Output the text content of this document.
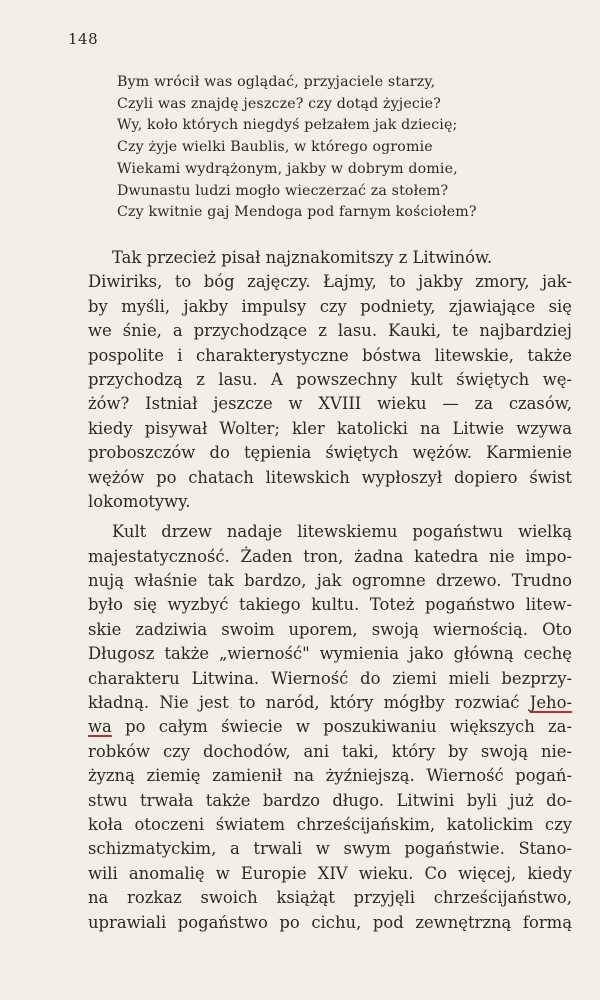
148
Bym wrócił was oglądać, przyjaciele starzy,
Czyli was znajdę jeszcze? czy dotąd żyjecie?
Wy, koło których niegdyś pełzałem jak dziecię;
Czy żyje wielki Baublis, w którego ogromie
Wiekami wydrążonym, jakby w dobrym domie,
Dwunastu ludzi mogło wieczerzać za stołem?
Czy kwitnie gaj Mendoga pod farnym kościołem?
Tak przecież pisał najznakomitszy z Litwinów.
Diwiriks, to bóg zajęczy. Łajmy, to jakby zmory, jak-
by myśli, jakby impulsy czy podniety, zjawiające się
we śnie, a przychodzące z lasu. Kauki, te najbardziej
pospolite i charakterystyczne bóstwa litewskie, także
przychodzą z lasu. A powszechny kult świętych wę-
żów? Istniał jeszcze w XVIII wieku — za czasów,
kiedy pisywał Wolter; kler katolicki na Litwie wzywa
proboszczów do tępienia świętych wężów. Karmienie
wężów po chatach litewskich wypłoszył dopiero świst
lokomotywy.
Kult drzew nadaje litewskiemu pogaństwu wielką
majestatyczność. Żaden tron, żadna katedra nie impo-
nują właśnie tak bardzo, jak ogromne drzewo. Trudno
było się wyzbyć takiego kultu. Toteż pogaństwo litew-
skie zadziwia swoim uporem, swoją wiernością. Oto
Długosz także „wierność" wymienia jako główną cechę
charakteru Litwina. Wierność do ziemi mieli bezprzy-
kładną. Nie jest to naród, który mógłby rozwiać Jeho-
wa po całym świecie w poszukiwaniu większych za-
robków czy dochodów, ani taki, który by swoją nie-
żyzną ziemię zamienił na żyźniejszą. Wierność pogań-
stwu trwała także bardzo długo. Litwini byli już do-
koła otoczeni światem chrześcijańskim, katolickim czy
schizmatyckim, a trwali w swym pogaństwie. Stano-
wili anomalię w Europie XIV wieku. Co więcej, kiedy
na rozkaz swoich książąt przyjęli chrześcijaństwo,
uprawiali pogaństwo po cichu, pod zewnętrzną formą
